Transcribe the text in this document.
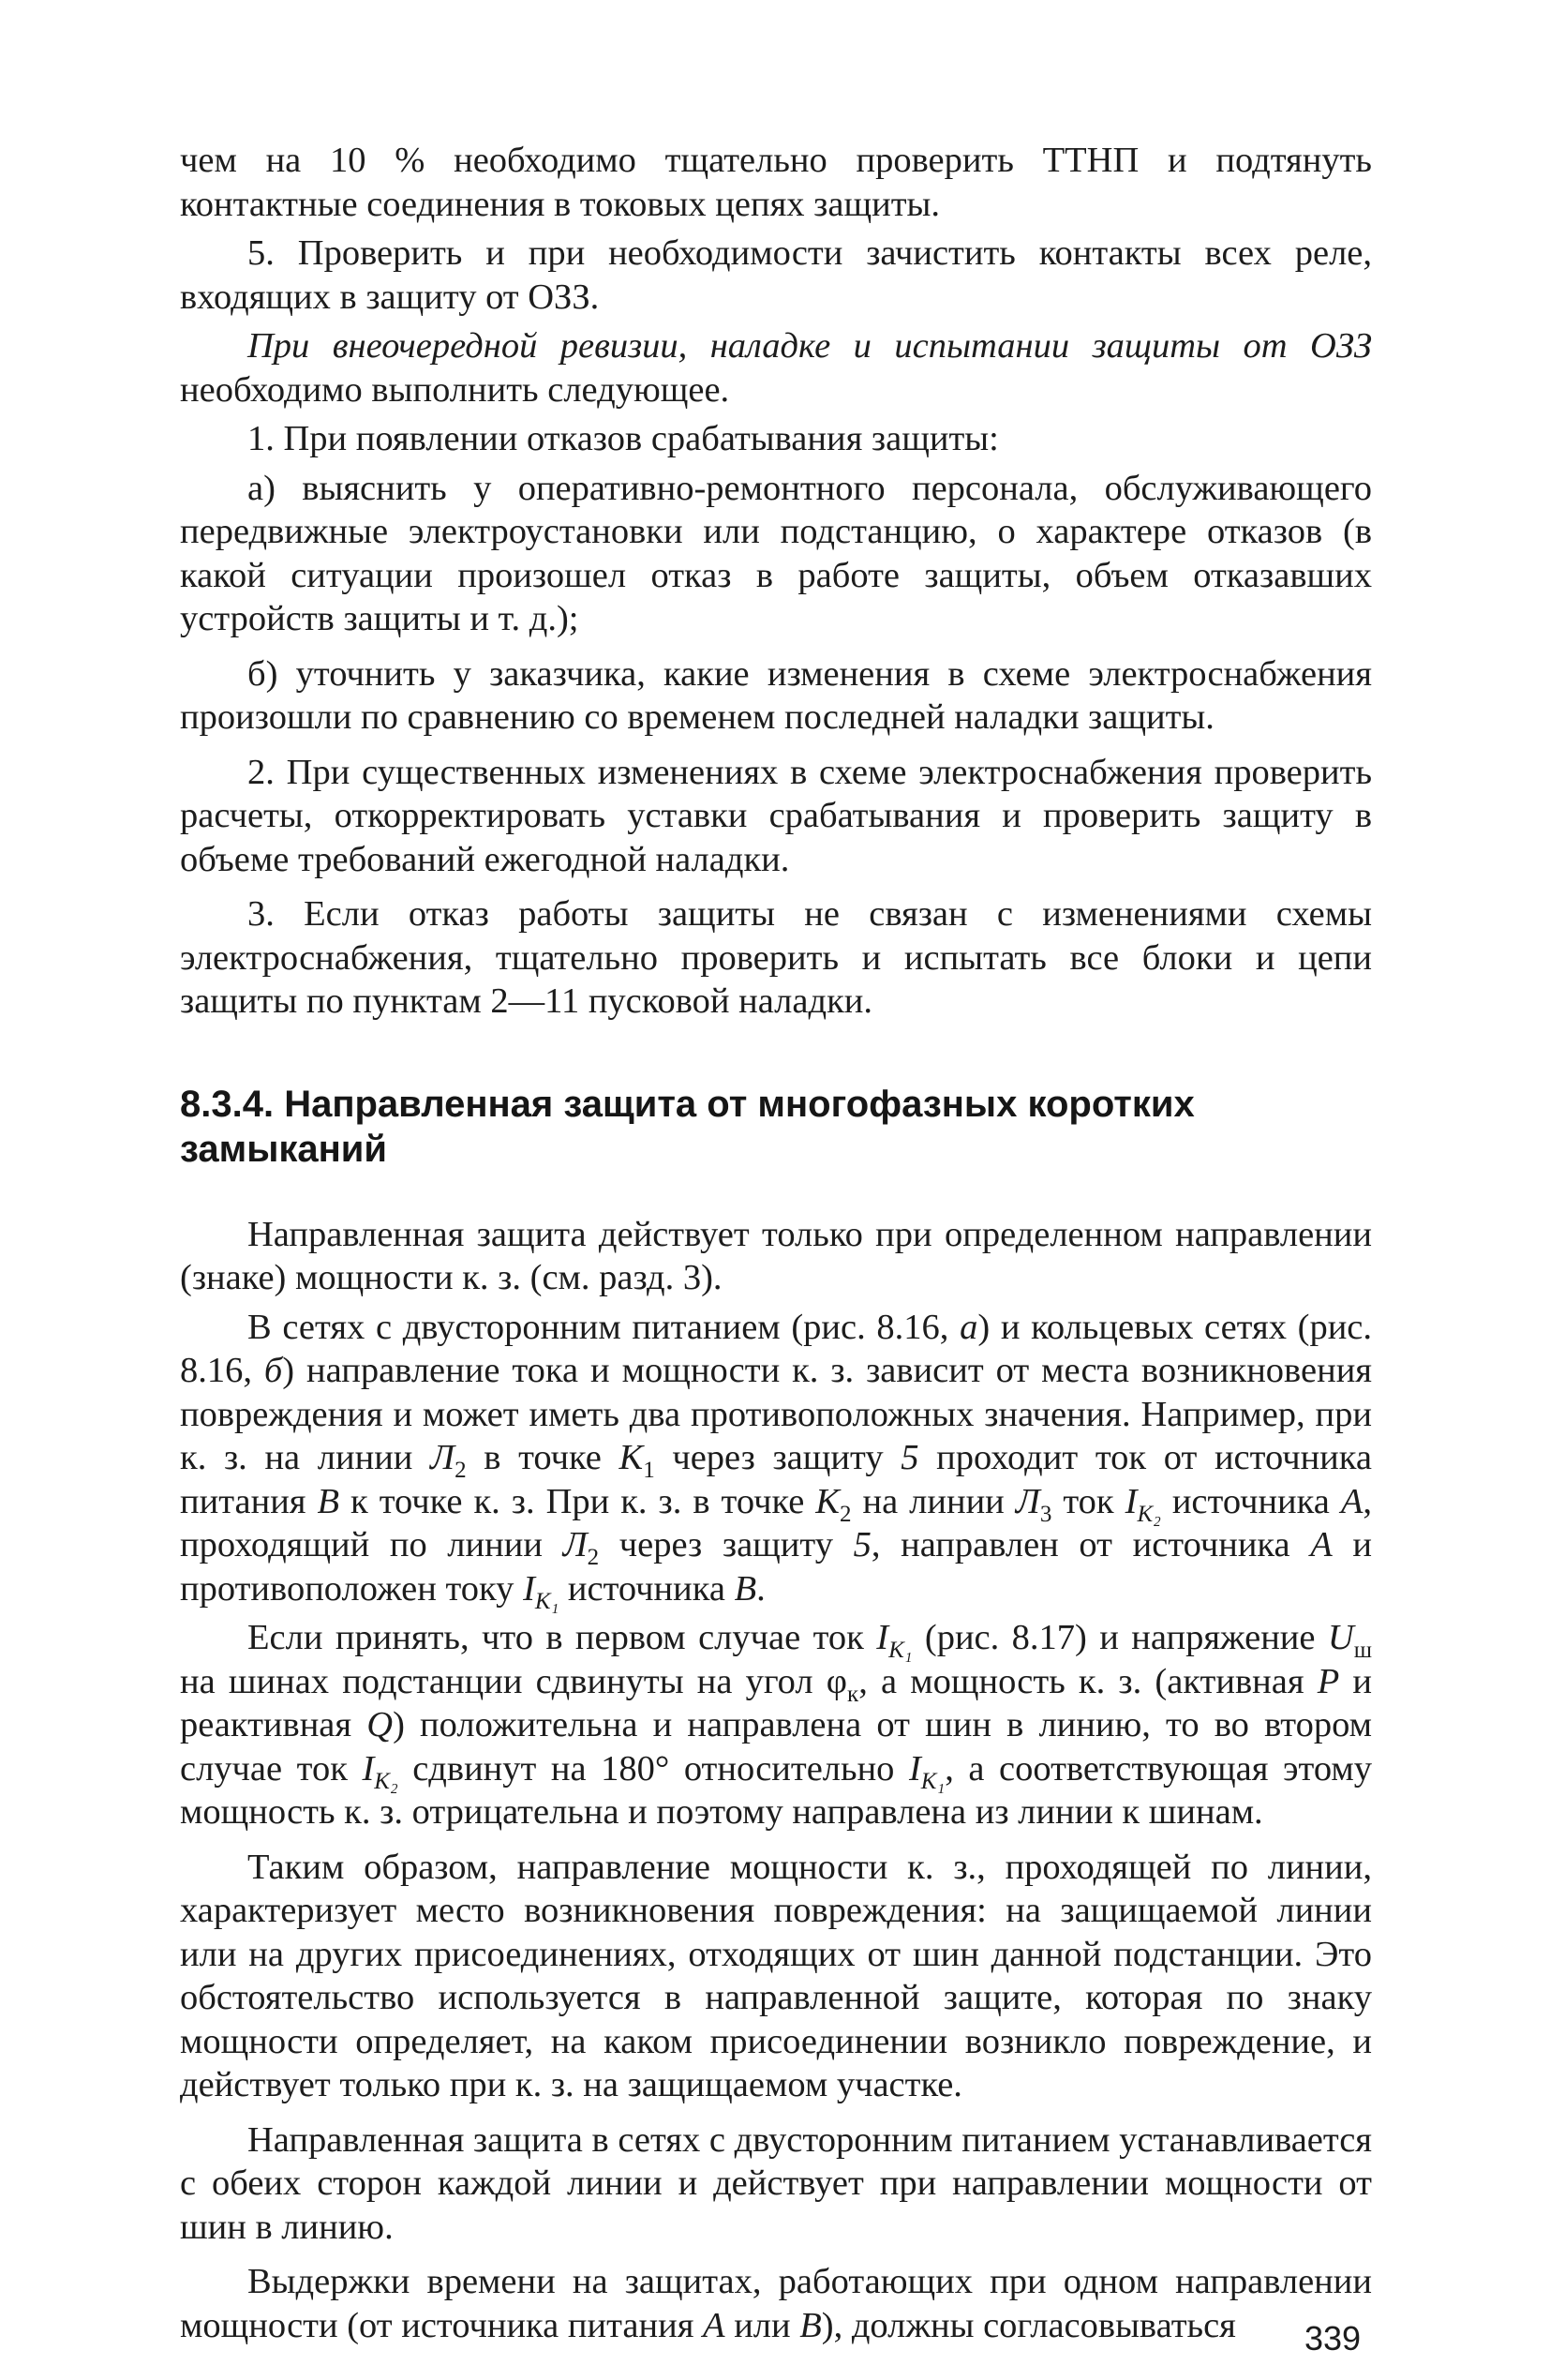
чем на 10 % необходимо тщательно проверить ТТНП и подтянуть контактные соединения в токовых цепях защиты.

5. Проверить и при необходимости зачистить контакты всех реле, входящих в защиту от ОЗЗ.

При внеочередной ревизии, наладке и испытании защиты от ОЗЗ необходимо выполнить следующее.

1. При появлении отказов срабатывания защиты:

а) выяснить у оперативно-ремонтного персонала, обслуживающего передвижные электроустановки или подстанцию, о характере отказов (в какой ситуации произошел отказ в работе защиты, объем отказавших устройств защиты и т. д.);

б) уточнить у заказчика, какие изменения в схеме электроснабжения произошли по сравнению со временем последней наладки защиты.

2. При существенных изменениях в схеме электроснабжения проверить расчеты, откорректировать уставки срабатывания и проверить защиту в объеме требований ежегодной наладки.

3. Если отказ работы защиты не связан с изменениями схемы электроснабжения, тщательно проверить и испытать все блоки и цепи защиты по пунктам 2—11 пусковой наладки.

8.3.4. Направленная защита от многофазных коротких замыканий

Направленная защита действует только при определенном направлении (знаке) мощности к. з. (см. разд. 3).

В сетях с двусторонним питанием (рис. 8.16, а) и кольцевых сетях (рис. 8.16, б) направление тока и мощности к. з. зависит от места возникновения повреждения и может иметь два противоположных значения. Например, при к. з. на линии $Л_2$ в точке $K_1$ через защиту 5 проходит ток от источника питания B к точке к. з. При к. з. в точке $K_2$ на линии $Л_3$ ток $I_{K_2}$ источника A, проходящий по линии $Л_2$ через защиту 5, направлен от источника A и противоположен току $I_{K_1}$ источника B.

Если принять, что в первом случае ток $I_{K_1}$ (рис. 8.17) и напряжение $U_ш$ на шинах подстанции сдвинуты на угол $\varphi_к$, а мощность к. з. (активная P и реактивная Q) положительна и направлена от шин в линию, то во втором случае ток $I_{K_2}$ сдвинут на 180° относительно $I_{K_1}$, а соответствующая этому мощность к. з. отрицательна и поэтому направлена из линии к шинам.

Таким образом, направление мощности к. з., проходящей по линии, характеризует место возникновения повреждения: на защищаемой линии или на других присоединениях, отходящих от шин данной подстанции. Это обстоятельство используется в направленной защите, которая по знаку мощности определяет, на каком присоединении возникло повреждение, и действует только при к. з. на защищаемом участке.

Направленная защита в сетях с двусторонним питанием устанавливается с обеих сторон каждой линии и действует при направлении мощности от шин в линию.

Выдержки времени на защитах, работающих при одном направлении мощности (от источника питания A или B), должны согласовываться	339
